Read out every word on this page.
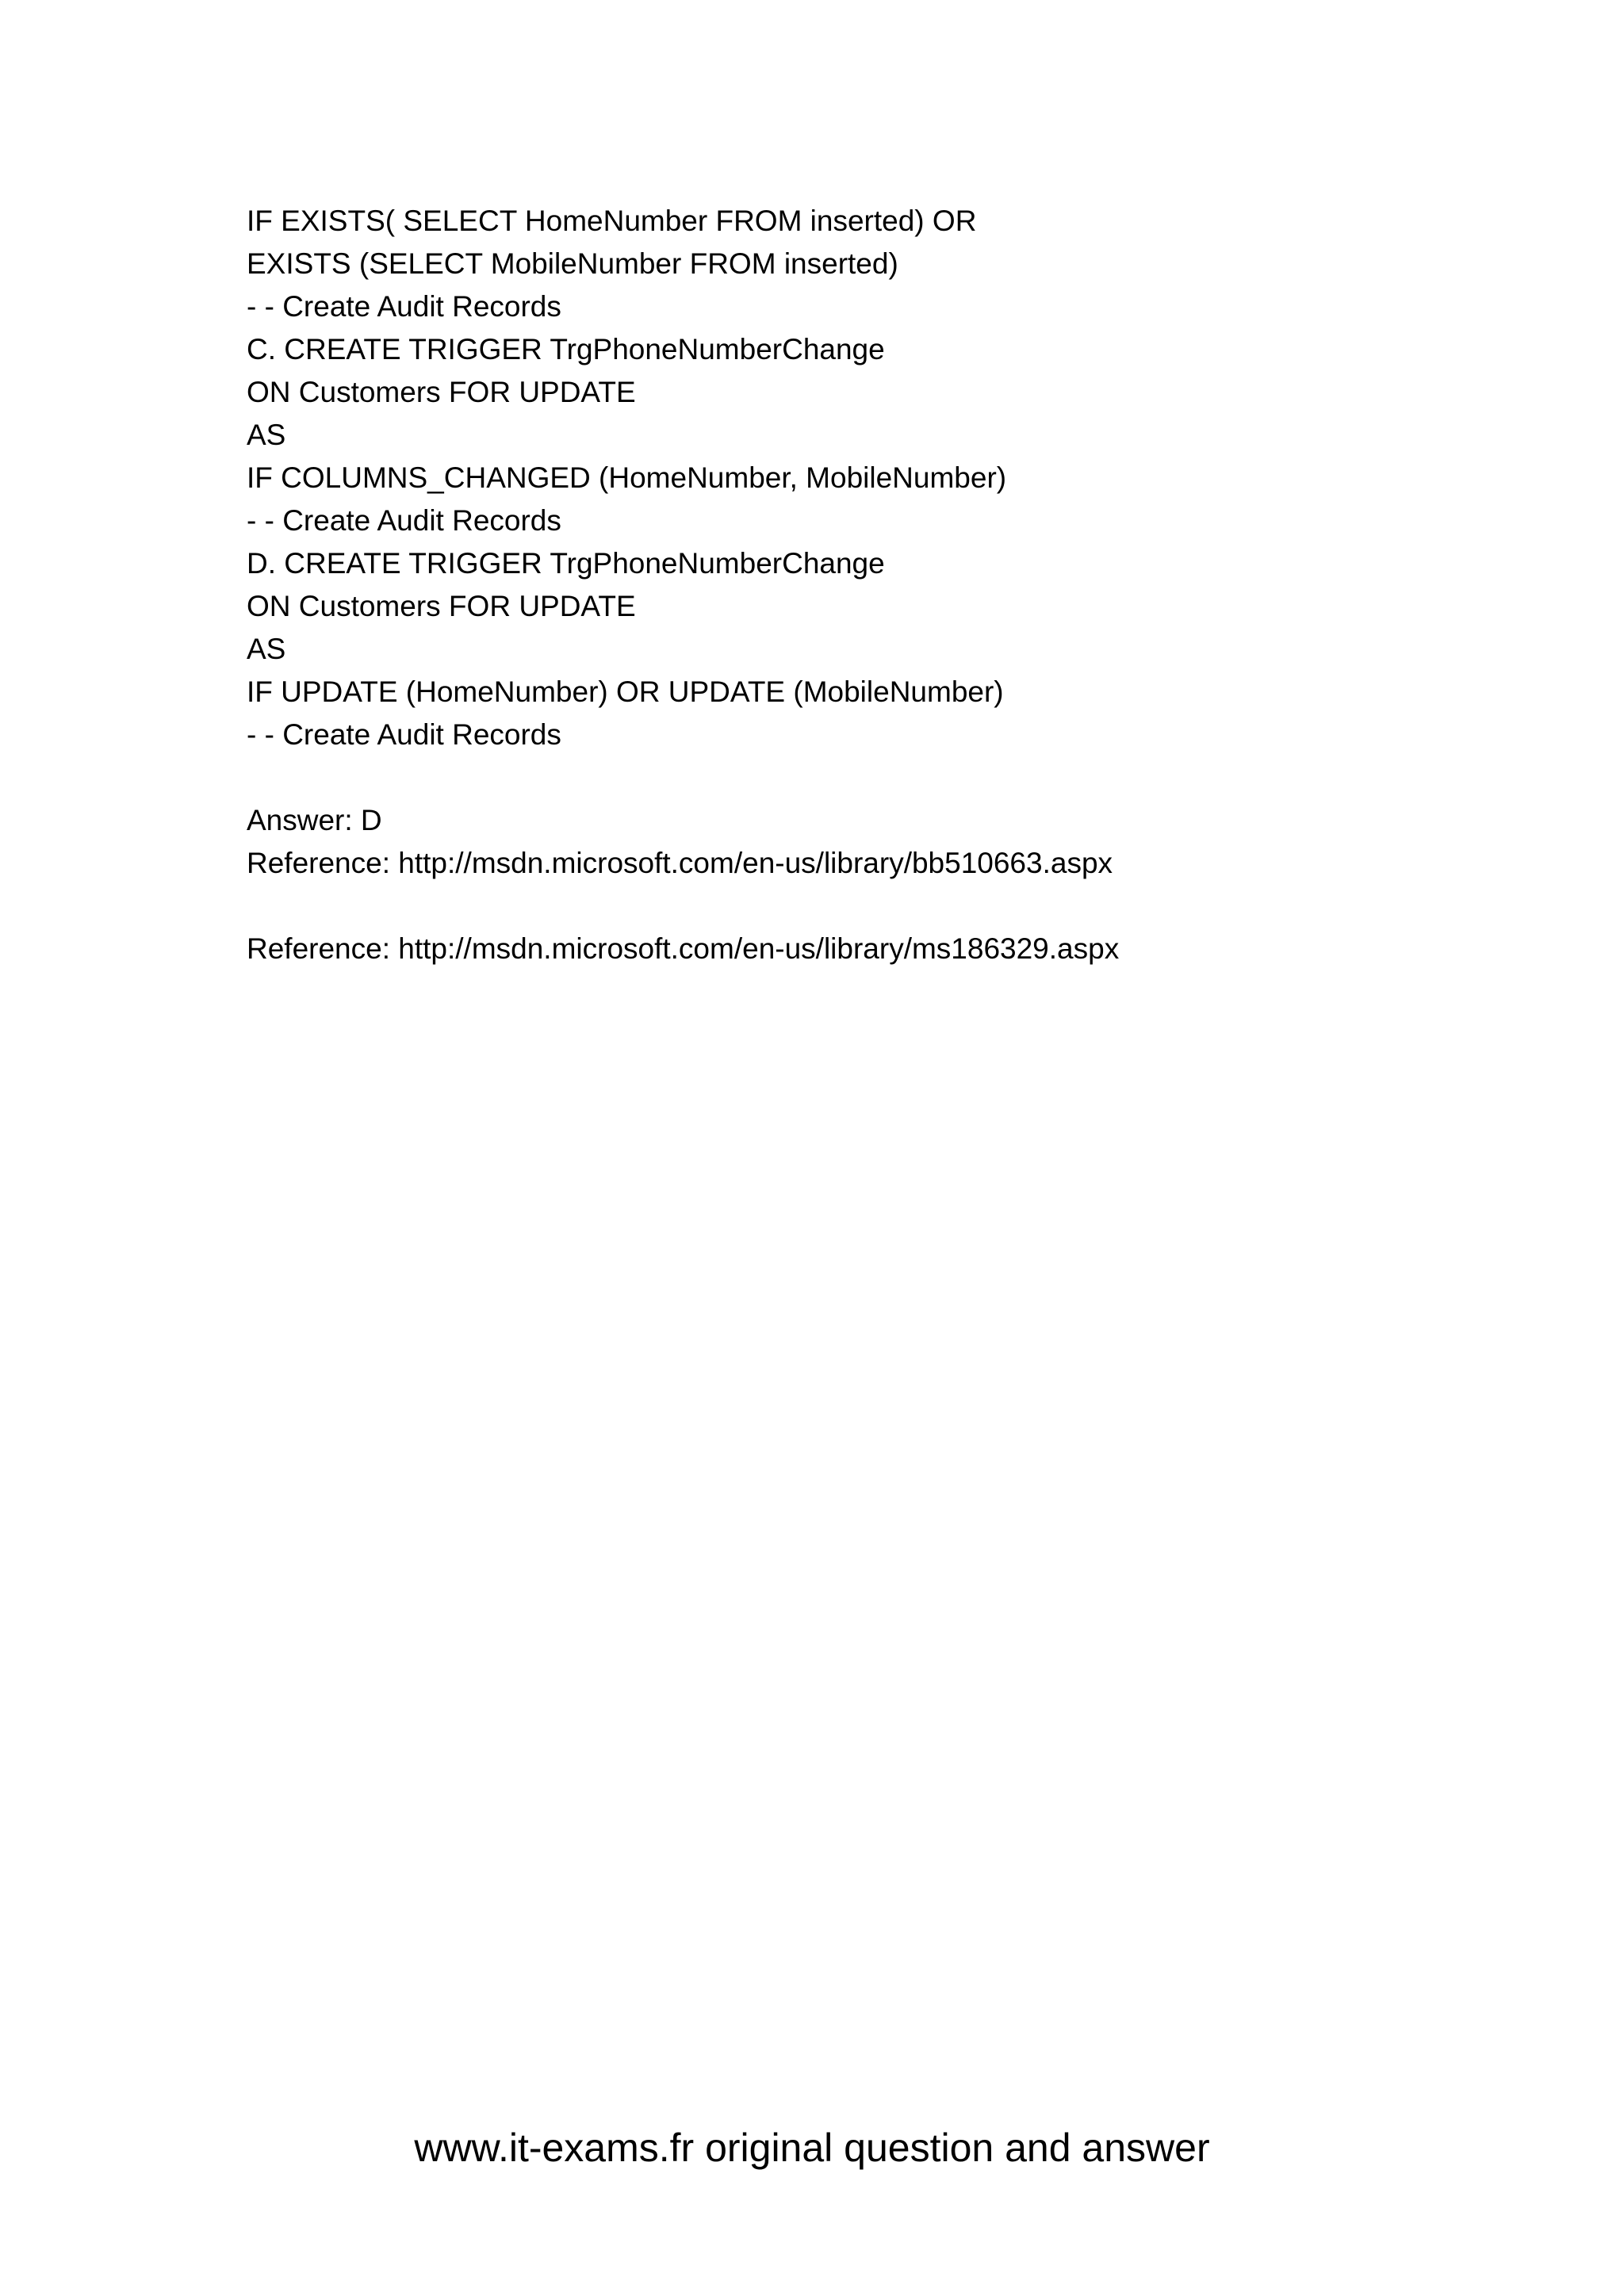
IF EXISTS( SELECT HomeNumber FROM inserted) OR
EXISTS (SELECT MobileNumber FROM inserted)
- - Create Audit Records
C. CREATE TRIGGER TrgPhoneNumberChange
ON Customers FOR UPDATE
AS
IF COLUMNS_CHANGED (HomeNumber, MobileNumber)
- - Create Audit Records
D. CREATE TRIGGER TrgPhoneNumberChange
ON Customers FOR UPDATE
AS
IF UPDATE (HomeNumber) OR UPDATE (MobileNumber)
- - Create Audit Records
Answer: D
Reference: http://msdn.microsoft.com/en-us/library/bb510663.aspx
Reference: http://msdn.microsoft.com/en-us/library/ms186329.aspx
www.it-exams.fr original question and answer
